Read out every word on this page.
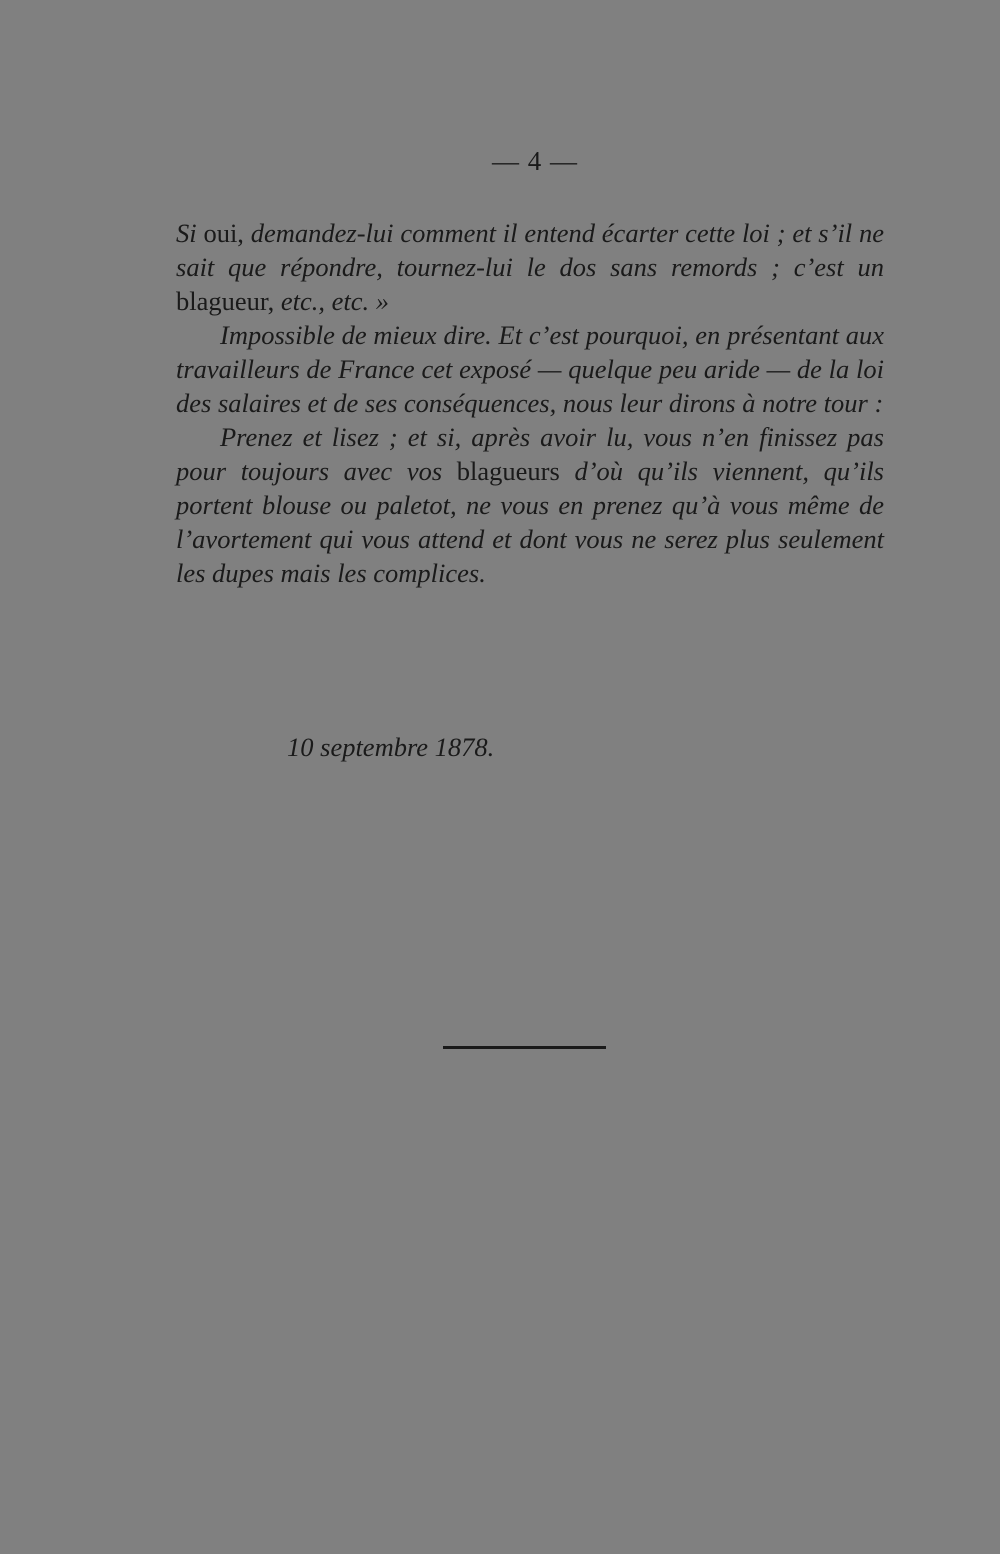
— 4 —

Si oui, demandez-lui comment il entend écarter cette loi ; et s’il ne sait que répondre, tournez-lui le dos sans remords ; c’est un blagueur, etc., etc. »

Impossible de mieux dire. Et c’est pourquoi, en présentant aux travailleurs de France cet exposé — quelque peu aride — de la loi des salaires et de ses conséquences, nous leur dirons à notre tour :

Prenez et lisez ; et si, après avoir lu, vous n’en finissez pas pour toujours avec vos blagueurs d’où qu’ils viennent, qu’ils portent blouse ou paletot, ne vous en prenez qu’à vous même de l’avortement qui vous attend et dont vous ne serez plus seulement les dupes mais les complices.

10 septembre 1878.
